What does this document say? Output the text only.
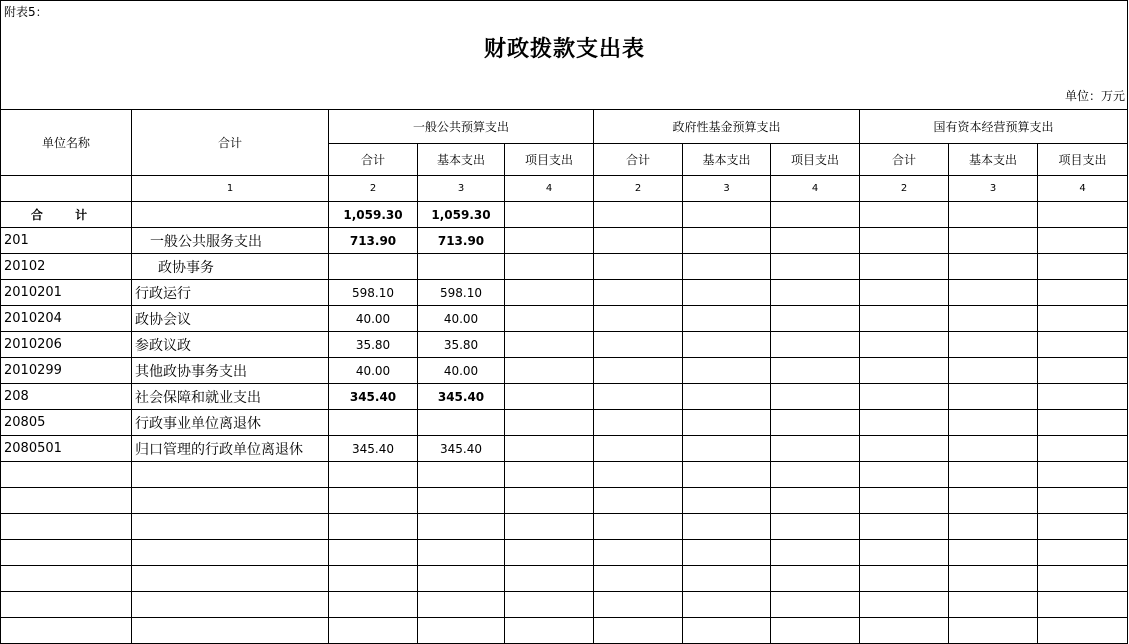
附表5：
财政拨款支出表
单位：万元
单位名称	合计	一般公共预算支出			政府性基金预算支出			国有资本经营预算支出		
		合计	基本支出	项目支出	合计	基本支出	项目支出	合计	基本支出	项目支出
	1	2	3	4	2	3	4	2	3	4
合 计		1,059.30	1,059.30							
201	一般公共服务支出	713.90	713.90							
20102	政协事务									
2010201	行政运行	598.10	598.10							
2010204	政协会议	40.00	40.00							
2010206	参政议政	35.80	35.80							
2010299	其他政协事务支出	40.00	40.00							
208	社会保障和就业支出	345.40	345.40							
20805	行政事业单位离退休									
2080501	归口管理的行政单位离退休	345.40	345.40							
